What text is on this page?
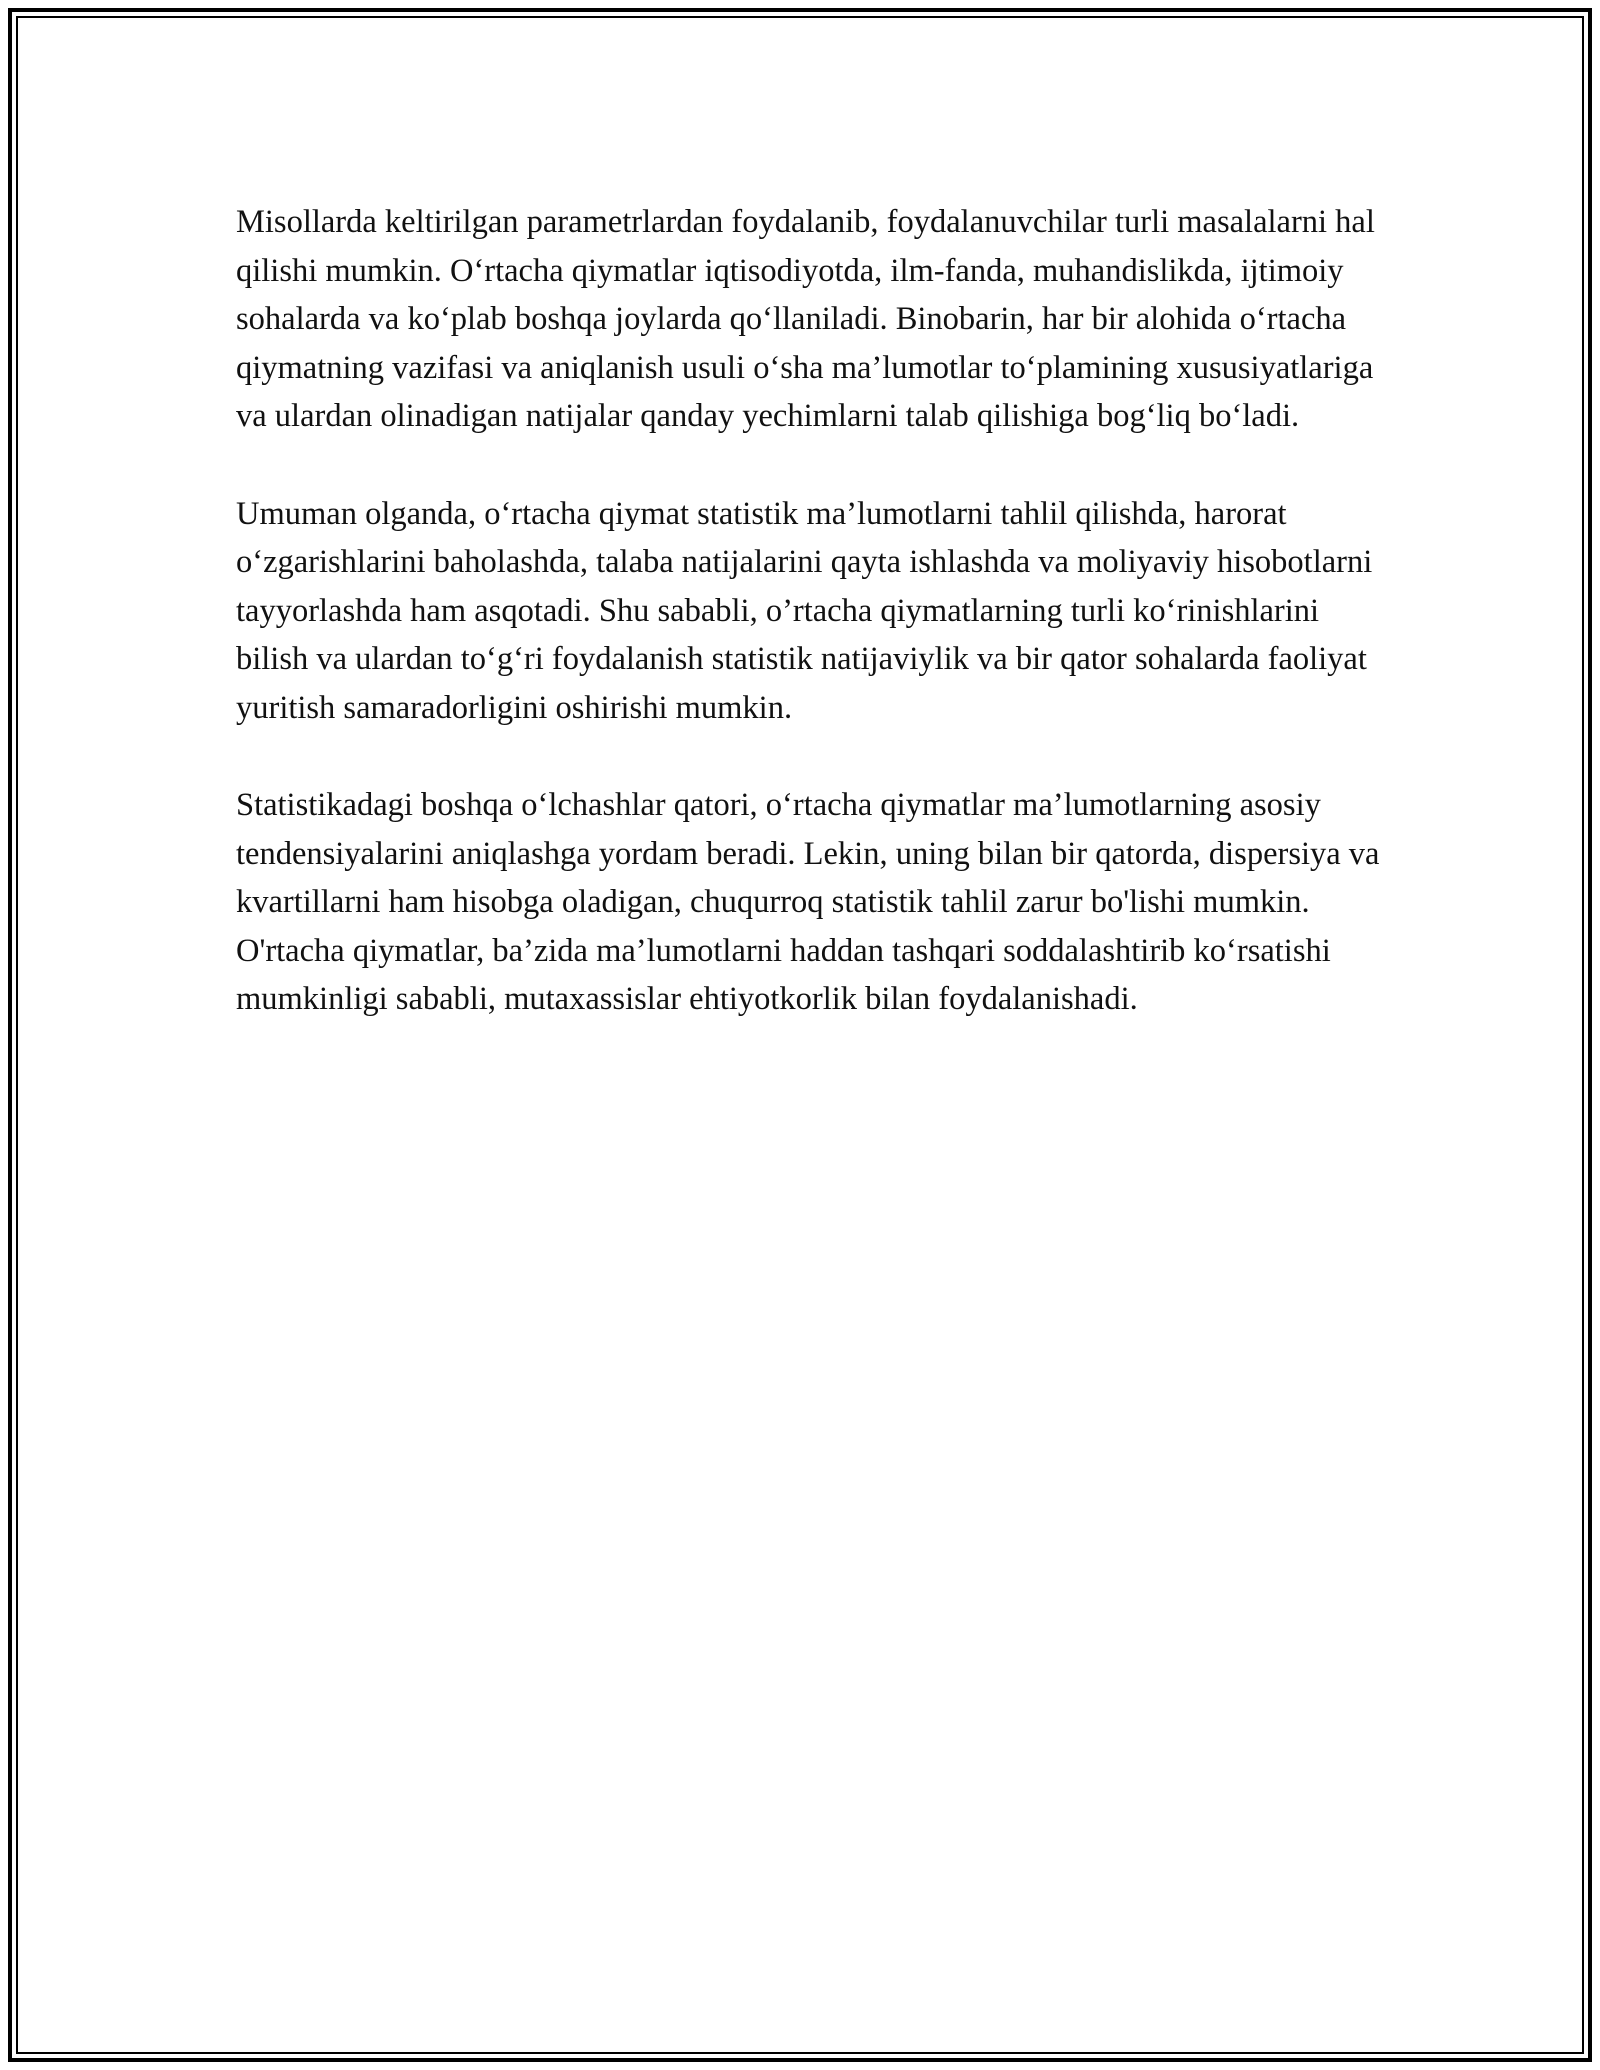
Misollarda keltirilgan parametrlardan foydalanib, foydalanuvchilar turli masalalarni hal qilishi mumkin. O‘rtacha qiymatlar iqtisodiyotda, ilm-fanda, muhandislikda, ijtimoiy sohalarda va ko‘plab boshqa joylarda qo‘llaniladi. Binobarin, har bir alohida o‘rtacha qiymatning vazifasi va aniqlanish usuli o‘sha ma’lumotlar to‘plamining xususiyatlariga va ulardan olinadigan natijalar qanday yechimlarni talab qilishiga bog‘liq bo‘ladi.

Umuman olganda, o‘rtacha qiymat statistik ma’lumotlarni tahlil qilishda, harorat o‘zgarishlarini baholashda, talaba natijalarini qayta ishlashda va moliyaviy hisobotlarni tayyorlashda ham asqotadi. Shu sababli, o’rtacha qiymatlarning turli ko‘rinishlarini bilish va ulardan to‘g‘ri foydalanish statistik natijaviylik va bir qator sohalarda faoliyat yuritish samaradorligini oshirishi mumkin.

Statistikadagi boshqa o‘lchashlar qatori, o‘rtacha qiymatlar ma’lumotlarning asosiy tendensiyalarini aniqlashga yordam beradi. Lekin, uning bilan bir qatorda, dispersiya va kvartillarni ham hisobga oladigan, chuqurroq statistik tahlil zarur bo'lishi mumkin. O'rtacha qiymatlar, ba’zida ma’lumotlarni haddan tashqari soddalashtirib ko‘rsatishi mumkinligi sababli, mutaxassislar ehtiyotkorlik bilan foydalanishadi.
